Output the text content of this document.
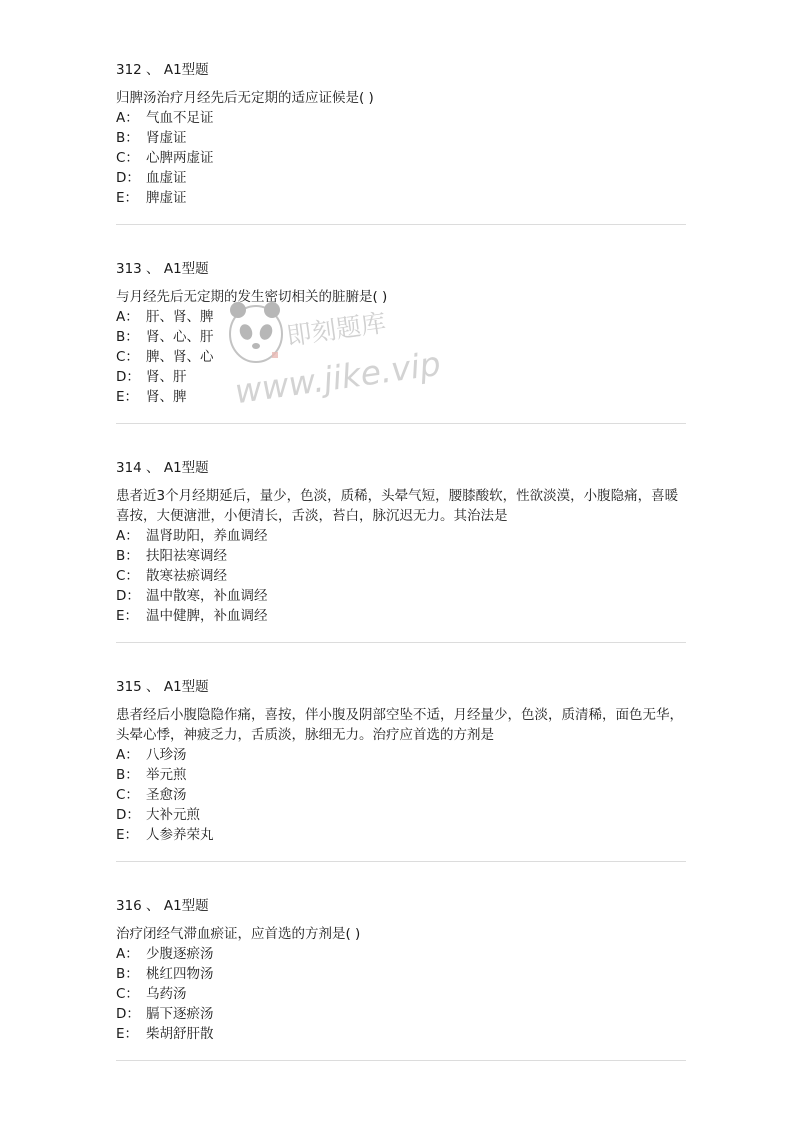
312 、 A1型题

归脾汤治疗月经先后无定期的适应证候是( )

A： 气血不足证
B： 肾虚证
C： 心脾两虚证
D： 血虚证
E： 脾虚证
313 、 A1型题

与月经先后无定期的发生密切相关的脏腑是( )

A： 肝、肾、脾
B： 肾、心、肝
C： 脾、肾、心
D： 肾、肝
E： 肾、脾
314 、 A1型题

患者近3个月经期延后，量少，色淡，质稀，头晕气短，腰膝酸软，性欲淡漠，小腹隐痛，喜暖喜按，大便溏泄，小便清长，舌淡，苔白，脉沉迟无力。其治法是

A： 温肾助阳，养血调经
B： 扶阳祛寒调经
C： 散寒祛瘀调经
D： 温中散寒，补血调经
E： 温中健脾，补血调经
315 、 A1型题

患者经后小腹隐隐作痛，喜按，伴小腹及阴部空坠不适，月经量少，色淡，质清稀，面色无华，头晕心悸，神疲乏力，舌质淡，脉细无力。治疗应首选的方剂是

A： 八珍汤
B： 举元煎
C： 圣愈汤
D： 大补元煎
E： 人参养荣丸
316 、 A1型题

治疗闭经气滞血瘀证，应首选的方剂是( )

A： 少腹逐瘀汤
B： 桃红四物汤
C： 乌药汤
D： 膈下逐瘀汤
E： 柴胡舒肝散
即刻题库
www.jike.vip
